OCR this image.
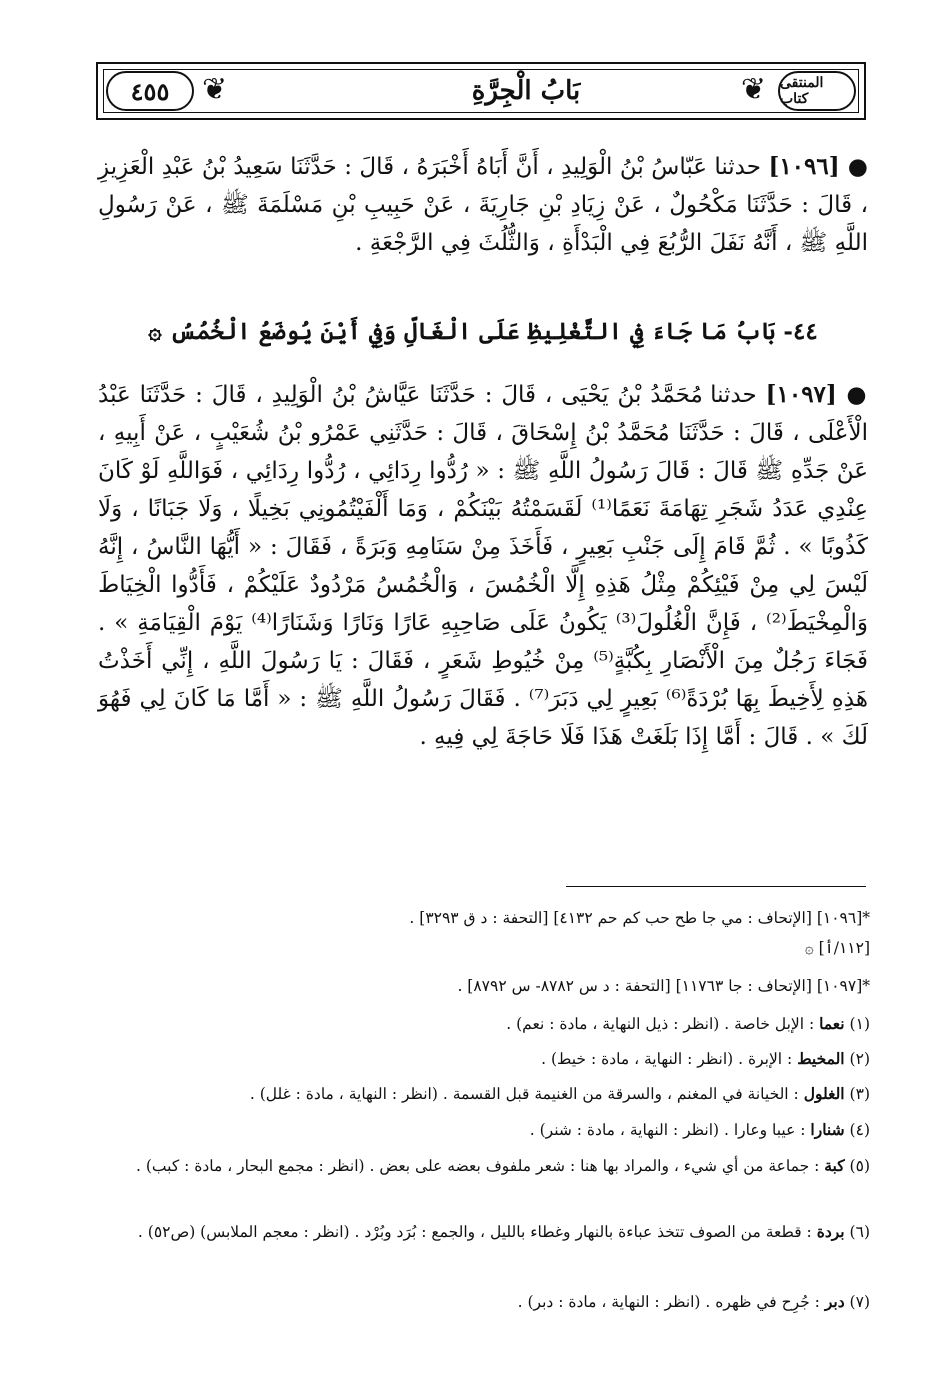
٤٥٥	❦	بَابُ الْجِرَّةِ	❦ المنتقى كتاب
● [١٠٩٦] حدثنا عَبّاسُ بْنُ الْوَلِيدِ ، أَنَّ أَبَاهُ أَخْبَرَهُ ، قَالَ : حَدَّثَنَا سَعِيدُ بْنُ عَبْدِ الْعَزِيزِ ، قَالَ : حَدَّثَنَا مَكْحُولٌ ، عَنْ زِيَادِ بْنِ جَارِيَةَ ، عَنْ حَبِيبِ بْنِ مَسْلَمَةَ ﷺ ، عَنْ رَسُولِ اللَّهِ ﷺ ، أَنَّهُ نَفَلَ الرُّبُعَ فِي الْبَدْأَةِ ، وَالثُّلُثَ فِي الرَّجْعَةِ .
٤٤- بَابُ مَا جَاءَ فِي التَّغْلِيظِ عَلَى الْغَالِّ وَفِي أَيْنَ يُوضَعُ الْخُمُسُ ۞
● [١٠٩٧] حدثنا مُحَمَّدُ بْنُ يَحْيَى ، قَالَ : حَدَّثَنَا عَيَّاشُ بْنُ الْوَلِيدِ ، قَالَ : حَدَّثَنَا عَبْدُ الْأَعْلَى ، قَالَ : حَدَّثَنَا مُحَمَّدُ بْنُ إِسْحَاقَ ، قَالَ : حَدَّثَنِي عَمْرُو بْنُ شُعَيْبٍ ، عَنْ أَبِيهِ ، عَنْ جَدِّهِ ﷺ قَالَ : قَالَ رَسُولُ اللَّهِ ﷺ : « رُدُّوا رِدَائِي ، رُدُّوا رِدَائِي ، فَوَاللَّهِ لَوْ كَانَ عِنْدِي عَدَدُ شَجَرِ تِهَامَةَ نَعَمًا⁽¹⁾ لَقَسَمْتُهُ بَيْنَكُمْ ، وَمَا أَلْفَيْتُمُونِي بَخِيلًا ، وَلَا جَبَانًا ، وَلَا كَذُوبًا » . ثُمَّ قَامَ إِلَى جَنْبِ بَعِيرٍ ، فَأَخَذَ مِنْ سَنَامِهِ وَبَرَةً ، فَقَالَ : « أَيُّهَا النَّاسُ ، إِنَّهُ لَيْسَ لِي مِنْ فَيْئِكُمْ مِثْلُ هَذِهِ إِلَّا الْخُمُسَ ، وَالْخُمُسُ مَرْدُودٌ عَلَيْكُمْ ، فَأَدُّوا الْخِيَاطَ وَالْمِخْيَطَ⁽²⁾ ، فَإِنَّ الْغُلُولَ⁽³⁾ يَكُونُ عَلَى صَاحِبِهِ عَارًا وَنَارًا وَشَنَارًا⁽⁴⁾ يَوْمَ الْقِيَامَةِ » . فَجَاءَ رَجُلٌ مِنَ الْأَنْصَارِ بِكُبَّةٍ⁽⁵⁾ مِنْ خُيُوطِ شَعَرٍ ، فَقَالَ : يَا رَسُولَ اللَّهِ ، إِنِّي أَخَذْتُ هَذِهِ لِأَخِيطَ بِهَا بُرْدَةً⁽⁶⁾ بَعِيرٍ لِي دَبَرَ⁽⁷⁾ . فَقَالَ رَسُولُ اللَّهِ ﷺ : « أَمَّا مَا كَانَ لِي فَهُوَ لَكَ » . قَالَ : أَمَّا إِذَا بَلَغَتْ هَذَا فَلَا حَاجَةَ لِي فِيهِ .
*[١٠٩٦] [الإتحاف : مي جا طح حب كم حم ٤١٣٢] [التحفة : د ق ٣٢٩٣] .
[١١٢/أ] ۞
*[١٠٩٧] [الإتحاف : جا ١١٧٦٣] [التحفة : د س ٨٧٨٢- س ٨٧٩٢] .
(١) نعما : الإبل خاصة . (انظر : ذيل النهاية ، مادة : نعم) .
(٢) المخيط : الإبرة . (انظر : النهاية ، مادة : خيط) .
(٣) الغلول : الخيانة في المغنم ، والسرقة من الغنيمة قبل القسمة . (انظر : النهاية ، مادة : غلل) .
(٤) شنارا : عيبا وعارا . (انظر : النهاية ، مادة : شنر) .
(٥) كبة : جماعة من أي شيء ، والمراد بها هنا : شعر ملفوف بعضه على بعض . (انظر : مجمع البحار ، مادة : كبب) .
(٦) بردة : قطعة من الصوف تتخذ عباءة بالنهار وغطاء بالليل ، والجمع : بُرَد وبُرْد . (انظر : معجم الملابس) (ص٥٢) .
(٧) دبر : جُرِح في ظهره . (انظر : النهاية ، مادة : دبر) .
